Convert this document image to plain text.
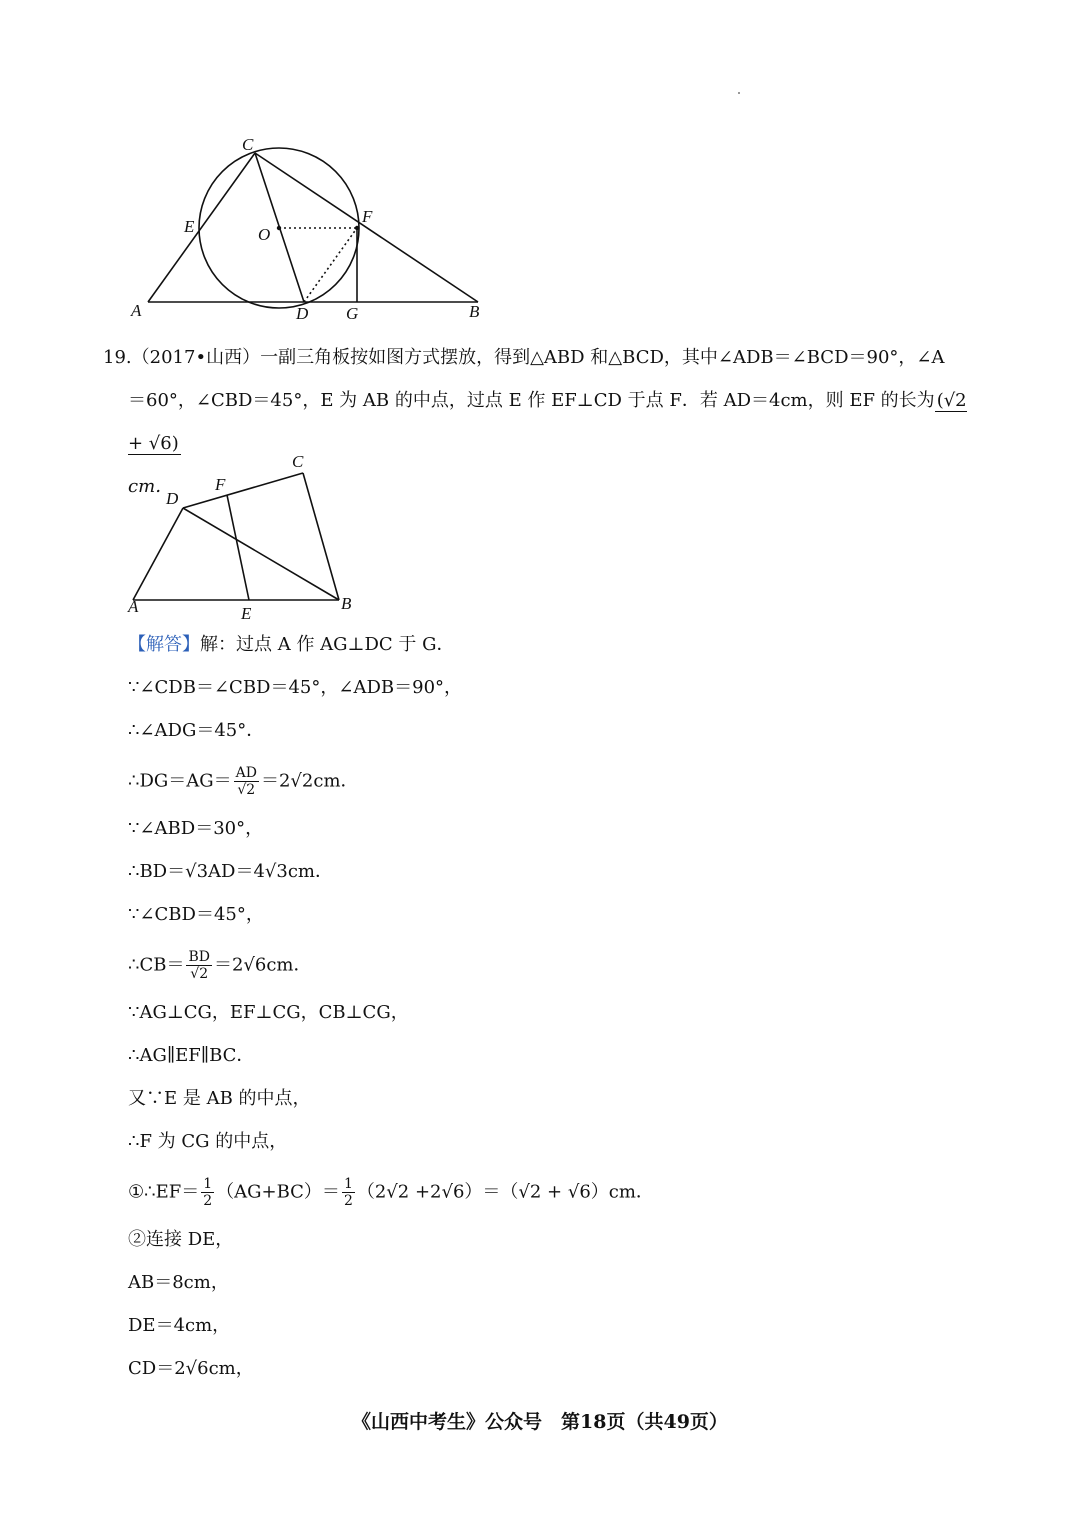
C
E	O
F
A	D G	B
19.（2017•山西）一副三角板按如图方式摆放，得到△ABD 和△BCD，其中∠ADB＝∠BCD＝90°，∠A
＝60°，∠CBD＝45°，E 为 AB 的中点，过点 E 作 EF⊥CD 于点 F．若 AD＝4cm，则 EF 的长为 (√2 + √6)
cm．
C
D
F
A	E
B
【解答】解：过点 A 作 AG⊥DC 于 G．
∵∠CDB＝∠CBD＝45°，∠ADB＝90°，
∴∠ADG＝45°．
∴DG＝AG＝ $\frac{AD}{√2} =2√2cm$．
∵∠ABD＝30°，
∴BD＝√3AD＝4√3cm．
∵∠CBD＝45°，
∴CB＝ $\frac{BD}{√2} =2√6cm$．
∵AG⊥CG，EF⊥CG，CB⊥CG，
∴AG∥EF∥BC．
又∵E 是 AB 的中点，
∴F 为 CG 的中点，
①∴EF＝ $\frac{1}{2} (AG+BC)= \frac{1}{2} (2√2 +2√6)=(√2 + √6)cm$．
②连接 DE，
AB＝8cm，
DE＝4cm，
CD＝2√6cm，
《山西中考生》公众号　第18页（共49页）
